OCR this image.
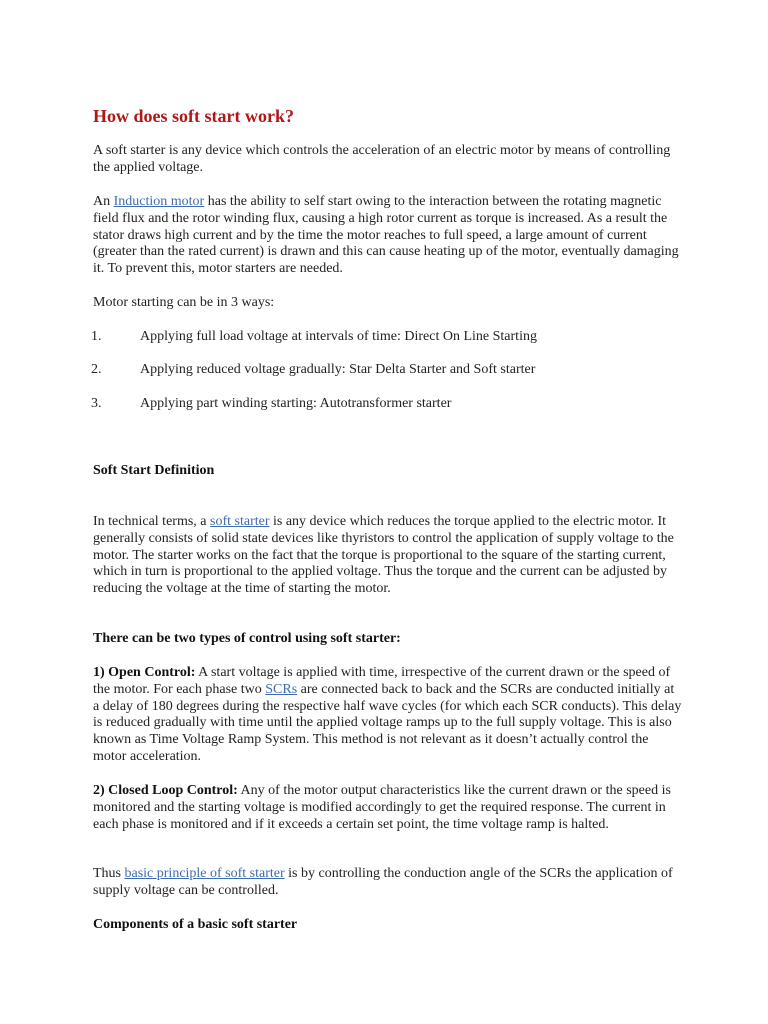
How does soft start work?

A soft starter is any device which controls the acceleration of an electric motor by means of controlling the applied voltage.

An Induction motor has the ability to self start owing to the interaction between the rotating magnetic field flux and the rotor winding flux, causing a high rotor current as torque is increased. As a result the stator draws high current and by the time the motor reaches to full speed, a large amount of current (greater than the rated current) is drawn and this can cause heating up of the motor, eventually damaging it. To prevent this, motor starters are needed.

Motor starting can be in 3 ways:

1.	Applying full load voltage at intervals of time: Direct On Line Starting
2.	Applying reduced voltage gradually: Star Delta Starter and Soft starter
3.	Applying part winding starting: Autotransformer starter

Soft Start Definition

In technical terms, a soft starter is any device which reduces the torque applied to the electric motor. It generally consists of solid state devices like thyristors to control the application of supply voltage to the motor. The starter works on the fact that the torque is proportional to the square of the starting current, which in turn is proportional to the applied voltage. Thus the torque and the current can be adjusted by reducing the voltage at the time of starting the motor.

There can be two types of control using soft starter:

1) Open Control: A start voltage is applied with time, irrespective of the current drawn or the speed of the motor. For each phase two SCRs are connected back to back and the SCRs are conducted initially at a delay of 180 degrees during the respective half wave cycles (for which each SCR conducts). This delay is reduced gradually with time until the applied voltage ramps up to the full supply voltage. This is also known as Time Voltage Ramp System. This method is not relevant as it doesn’t actually control the motor acceleration.

2) Closed Loop Control: Any of the motor output characteristics like the current drawn or the speed is monitored and the starting voltage is modified accordingly to get the required response. The current in each phase is monitored and if it exceeds a certain set point, the time voltage ramp is halted.

Thus basic principle of soft starter is by controlling the conduction angle of the SCRs the application of supply voltage can be controlled.

Components of a basic soft starter
